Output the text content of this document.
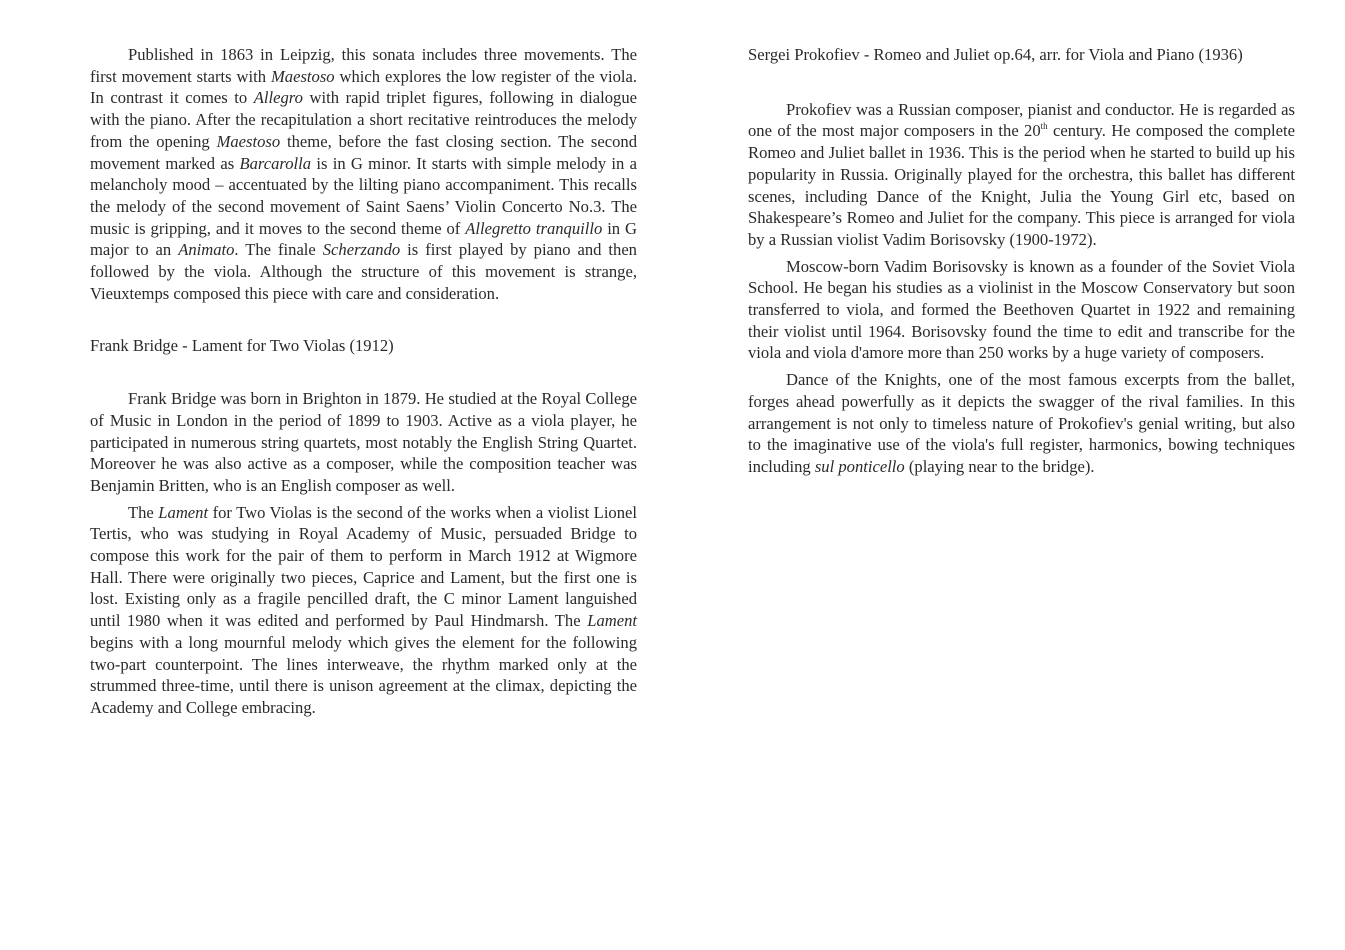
Published in 1863 in Leipzig, this sonata includes three movements. The first movement starts with Maestoso which explores the low register of the viola. In contrast it comes to Allegro with rapid triplet figures, following in dialogue with the piano. After the recapitulation a short recitative reintroduces the melody from the opening Maestoso theme, before the fast closing section. The second movement marked as Barcarolla is in G minor. It starts with simple melody in a melancholy mood – accentuated by the lilting piano accompaniment. This recalls the melody of the second movement of Saint Saens’ Violin Concerto No.3. The music is gripping, and it moves to the second theme of Allegretto tranquillo in G major to an Animato. The finale Scherzando is first played by piano and then followed by the viola. Although the structure of this movement is strange, Vieuxtemps composed this piece with care and consideration.

Frank Bridge - Lament for Two Violas (1912)

Frank Bridge was born in Brighton in 1879. He studied at the Royal College of Music in London in the period of 1899 to 1903. Active as a viola player, he participated in numerous string quartets, most notably the English String Quartet. Moreover he was also active as a composer, while the composition teacher was Benjamin Britten, who is an English composer as well.

The Lament for Two Violas is the second of the works when a violist Lionel Tertis, who was studying in Royal Academy of Music, persuaded Bridge to compose this work for the pair of them to perform in March 1912 at Wigmore Hall. There were originally two pieces, Caprice and Lament, but the first one is lost. Existing only as a fragile pencilled draft, the C minor Lament languished until 1980 when it was edited and performed by Paul Hindmarsh. The Lament begins with a long mournful melody which gives the element for the following two-part counterpoint. The lines interweave, the rhythm marked only at the strummed three-time, until there is unison agreement at the climax, depicting the Academy and College embracing.

Sergei Prokofiev - Romeo and Juliet op.64, arr. for Viola and Piano (1936)

Prokofiev was a Russian composer, pianist and conductor. He is regarded as one of the most major composers in the 20th century. He composed the complete Romeo and Juliet ballet in 1936. This is the period when he started to build up his popularity in Russia. Originally played for the orchestra, this ballet has different scenes, including Dance of the Knight, Julia the Young Girl etc, based on Shakespeare’s Romeo and Juliet for the company. This piece is arranged for viola by a Russian violist Vadim Borisovsky (1900-1972).

Moscow-born Vadim Borisovsky is known as a founder of the Soviet Viola School. He began his studies as a violinist in the Moscow Conservatory but soon transferred to viola, and formed the Beethoven Quartet in 1922 and remaining their violist until 1964. Borisovsky found the time to edit and transcribe for the viola and viola d'amore more than 250 works by a huge variety of composers.

Dance of the Knights, one of the most famous excerpts from the ballet, forges ahead powerfully as it depicts the swagger of the rival families. In this arrangement is not only to timeless nature of Prokofiev's genial writing, but also to the imaginative use of the viola's full register, harmonics, bowing techniques including sul ponticello (playing near to the bridge).
